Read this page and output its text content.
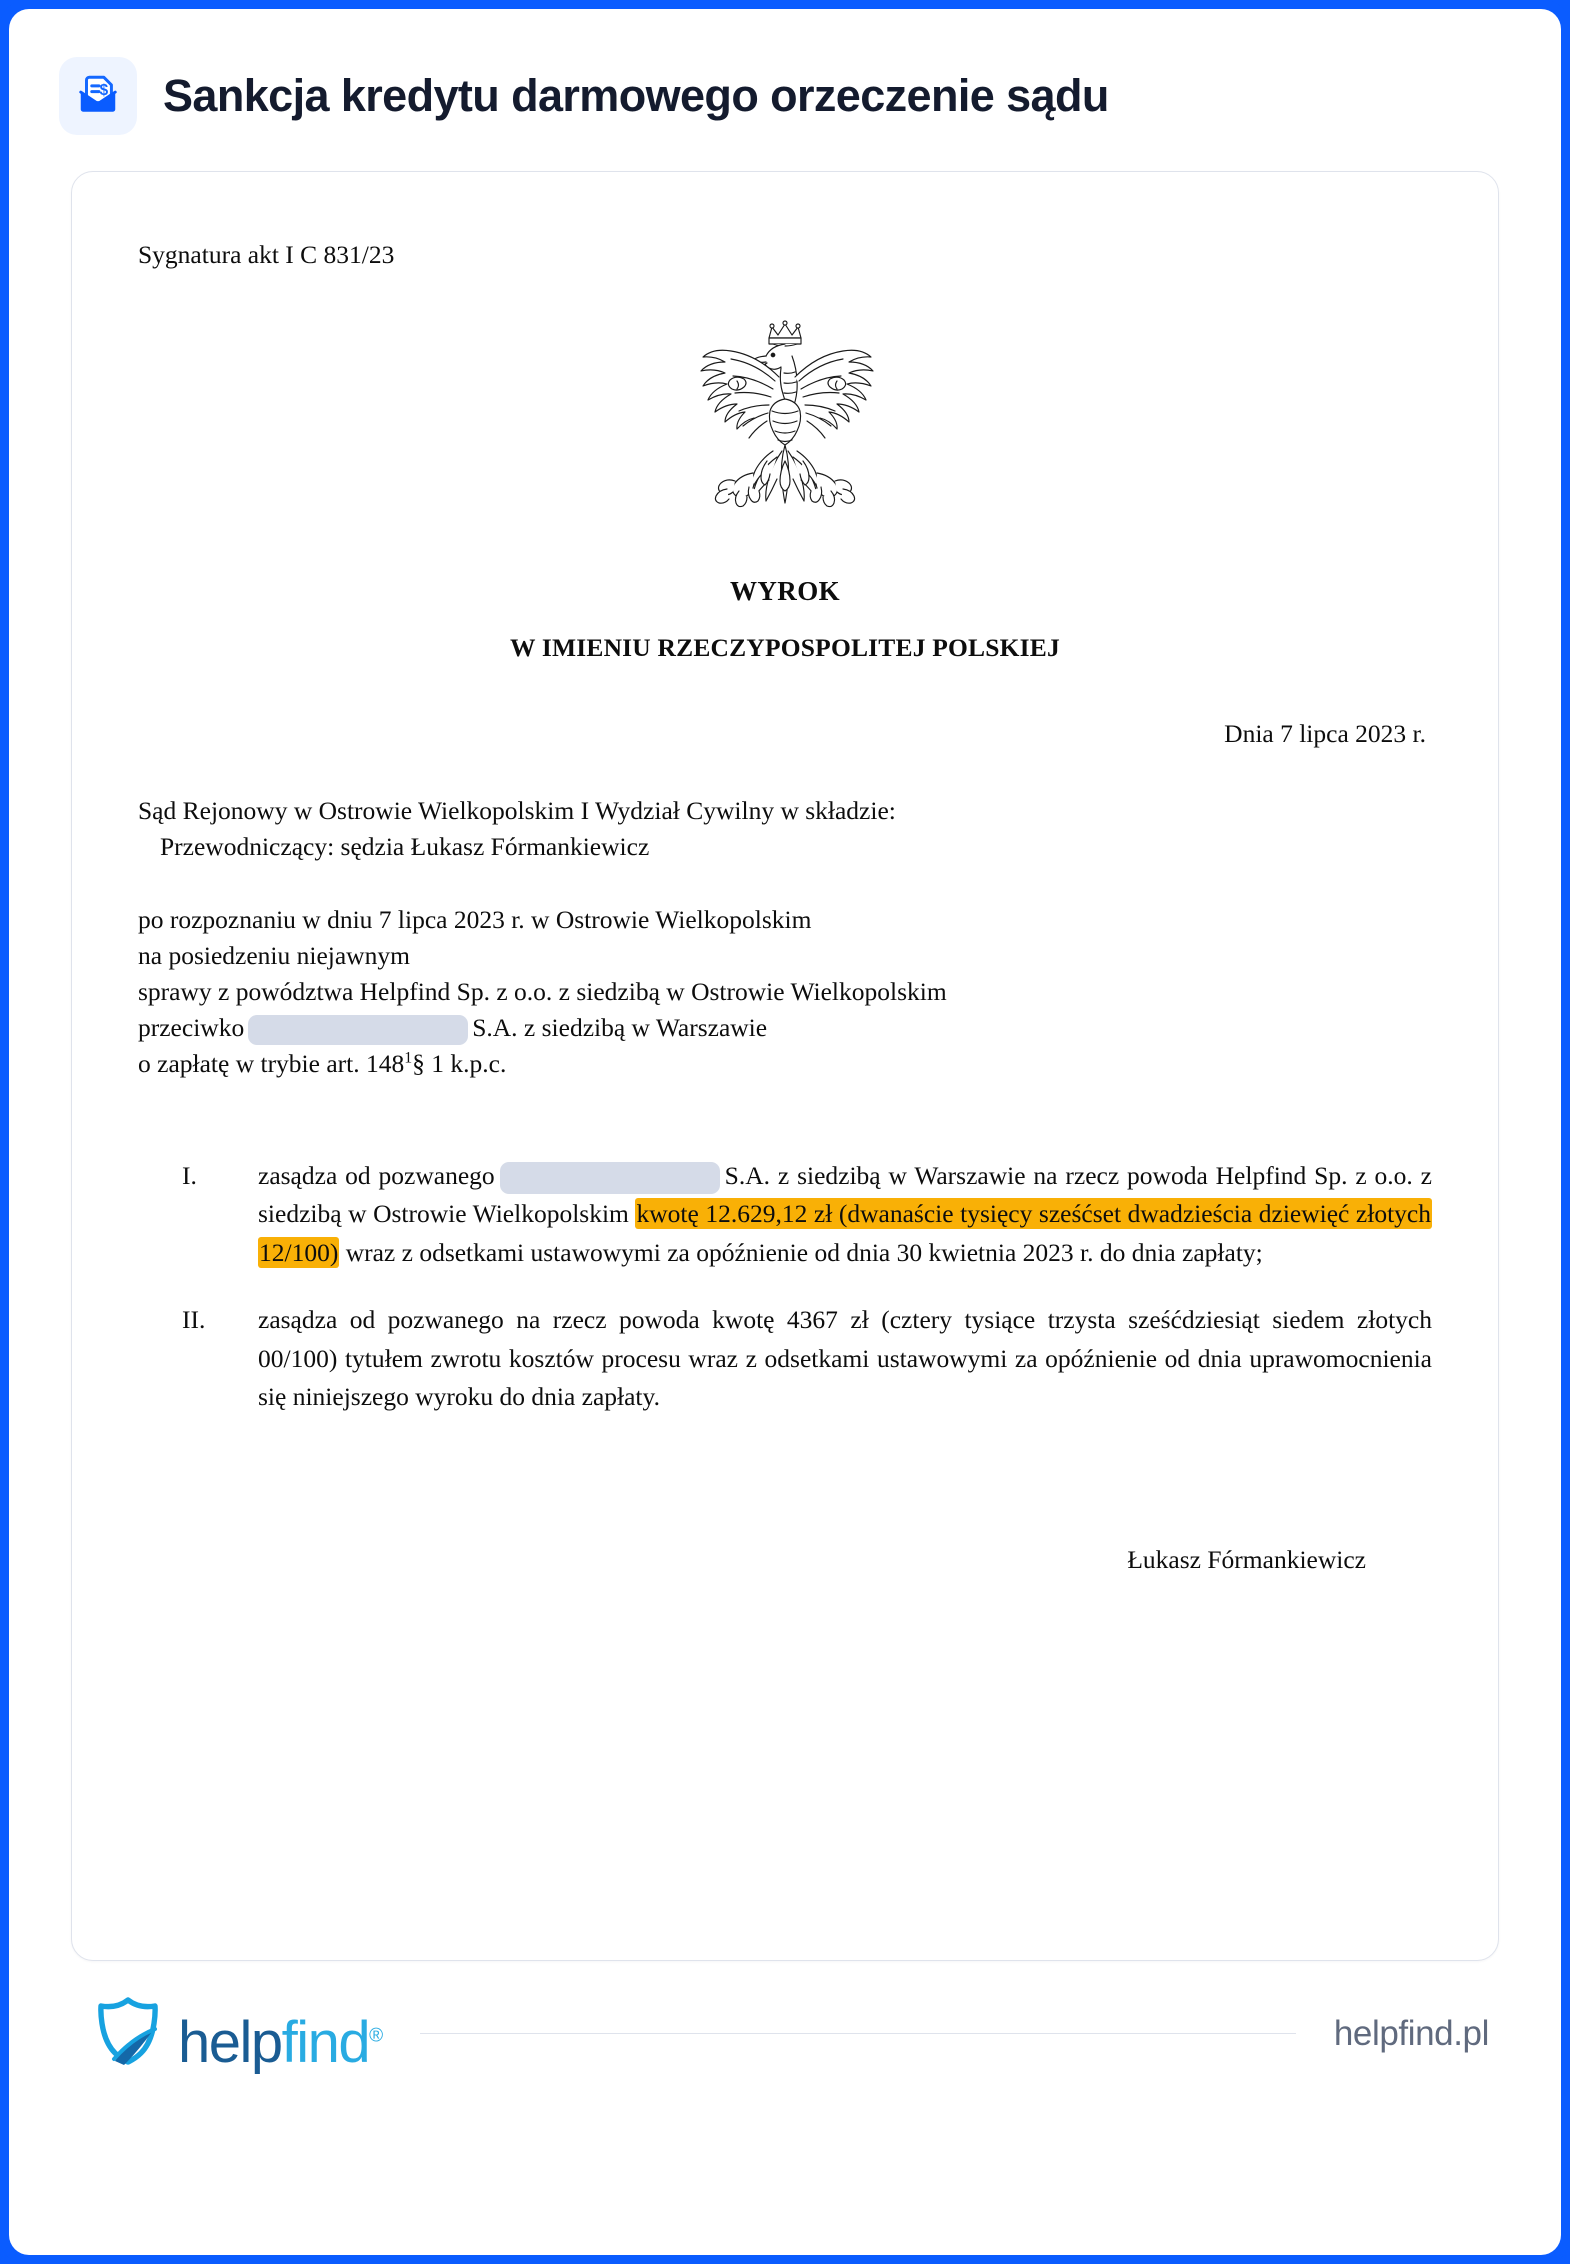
$ Sankcja kredytu darmowego orzeczenie sądu
Sygnatura akt I C 831/23
WYROK
W IMIENIU RZECZYPOSPOLITEJ POLSKIEJ
Dnia 7 lipca 2023 r.
Sąd Rejonowy w Ostrowie Wielkopolskim I Wydział Cywilny w składzie:
Przewodniczący: sędzia Łukasz Fórmankiewicz
po rozpoznaniu w dniu 7 lipca 2023 r. w Ostrowie Wielkopolskim
na posiedzeniu niejawnym
sprawy z powództwa Helpfind Sp. z o.o. z siedzibą w Ostrowie Wielkopolskim
przeciwko	S.A. z siedzibą w Warszawie
o zapłatę w trybie art. $148^1\S$ 1 k.p.c.
I.	zasądza od pozwanego	S.A. z siedzibą w Warszawie na rzecz powoda Helpfind Sp. z o.o. z siedzibą w Ostrowie Wielkopolskim kwotę 12.629,12 zł (dwanaście tysięcy sześćset dwadzieścia dziewięć złotych 12/100) wraz z odsetkami ustawowymi za opóźnienie od dnia 30 kwietnia 2023 r. do dnia zapłaty;
II.	zasądza od pozwanego na rzecz powoda kwotę 4367 zł (cztery tysiące trzysta sześćdziesiąt siedem złotych 00/100) tytułem zwrotu kosztów procesu wraz z odsetkami ustawowymi za opóźnienie od dnia uprawomocnienia się niniejszego wyroku do dnia zapłaty.
Łukasz Fórmankiewicz
helpfind®	helpfind.pl
